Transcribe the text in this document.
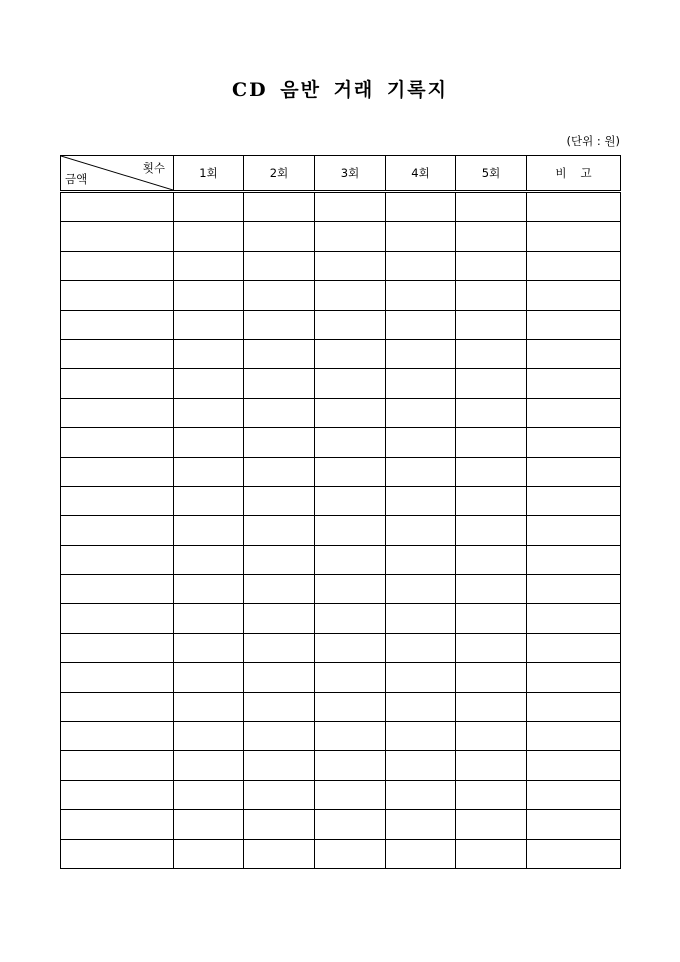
CD 음반 거래 기록지
(단위 : 원)
횟수
금액	1회	2회	3회	4회	5회	비고
